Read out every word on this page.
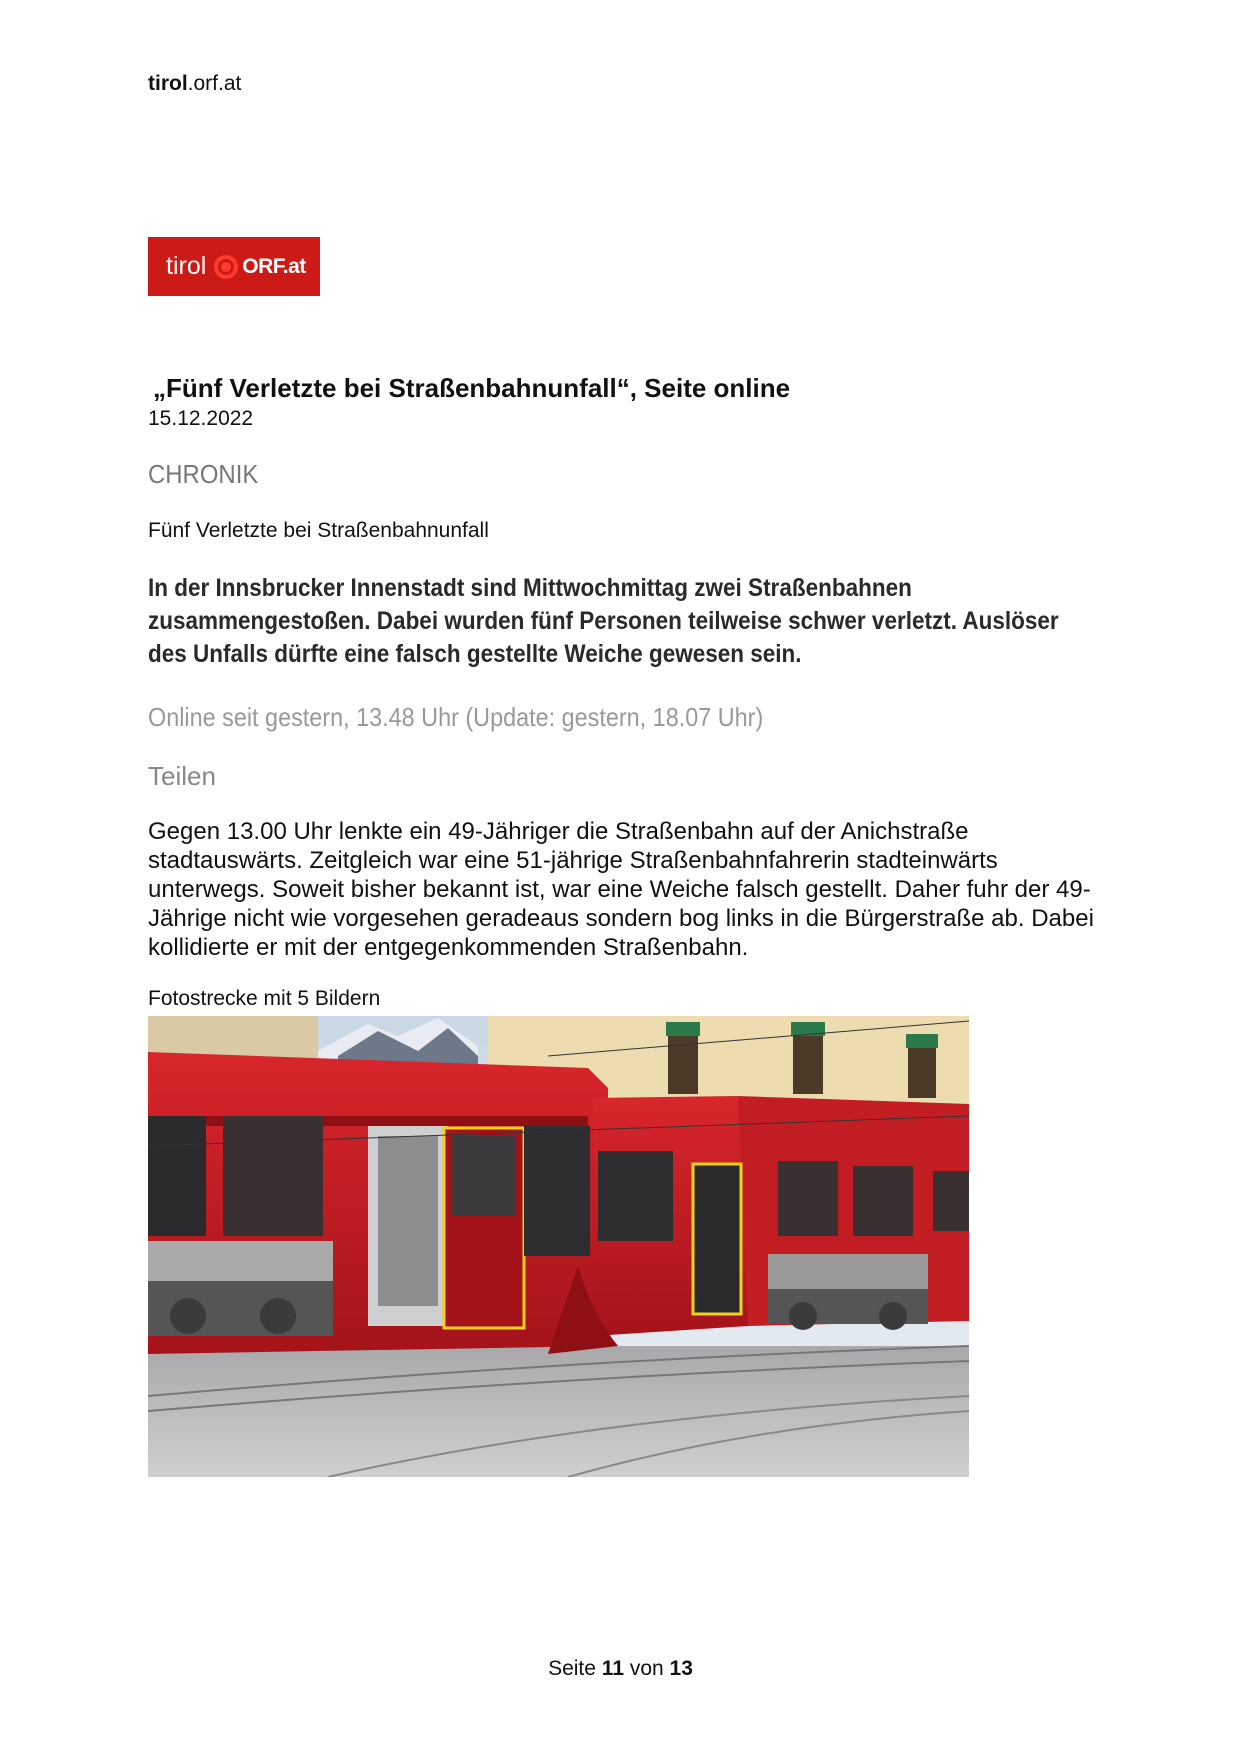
tirol.orf.at
tirol ORF.at
„Fünf Verletzte bei Straßenbahnunfall“, Seite online
15.12.2022
CHRONIK
Fünf Verletzte bei Straßenbahnunfall
In der Innsbrucker Innenstadt sind Mittwochmittag zwei Straßenbahnen zusammengestoßen. Dabei wurden fünf Personen teilweise schwer verletzt. Auslöser des Unfalls dürfte eine falsch gestellte Weiche gewesen sein.
Online seit gestern, 13.48 Uhr (Update: gestern, 18.07 Uhr)
Teilen
Gegen 13.00 Uhr lenkte ein 49-Jähriger die Straßenbahn auf der Anichstraße stadtauswärts. Zeitgleich war eine 51-jährige Straßenbahnfahrerin stadteinwärts unterwegs. Soweit bisher bekannt ist, war eine Weiche falsch gestellt. Daher fuhr der 49-Jährige nicht wie vorgesehen geradeaus sondern bog links in die Bürgerstraße ab. Dabei kollidierte er mit der entgegenkommenden Straßenbahn.
Fotostrecke mit 5 Bildern
Seite 11 von 13
